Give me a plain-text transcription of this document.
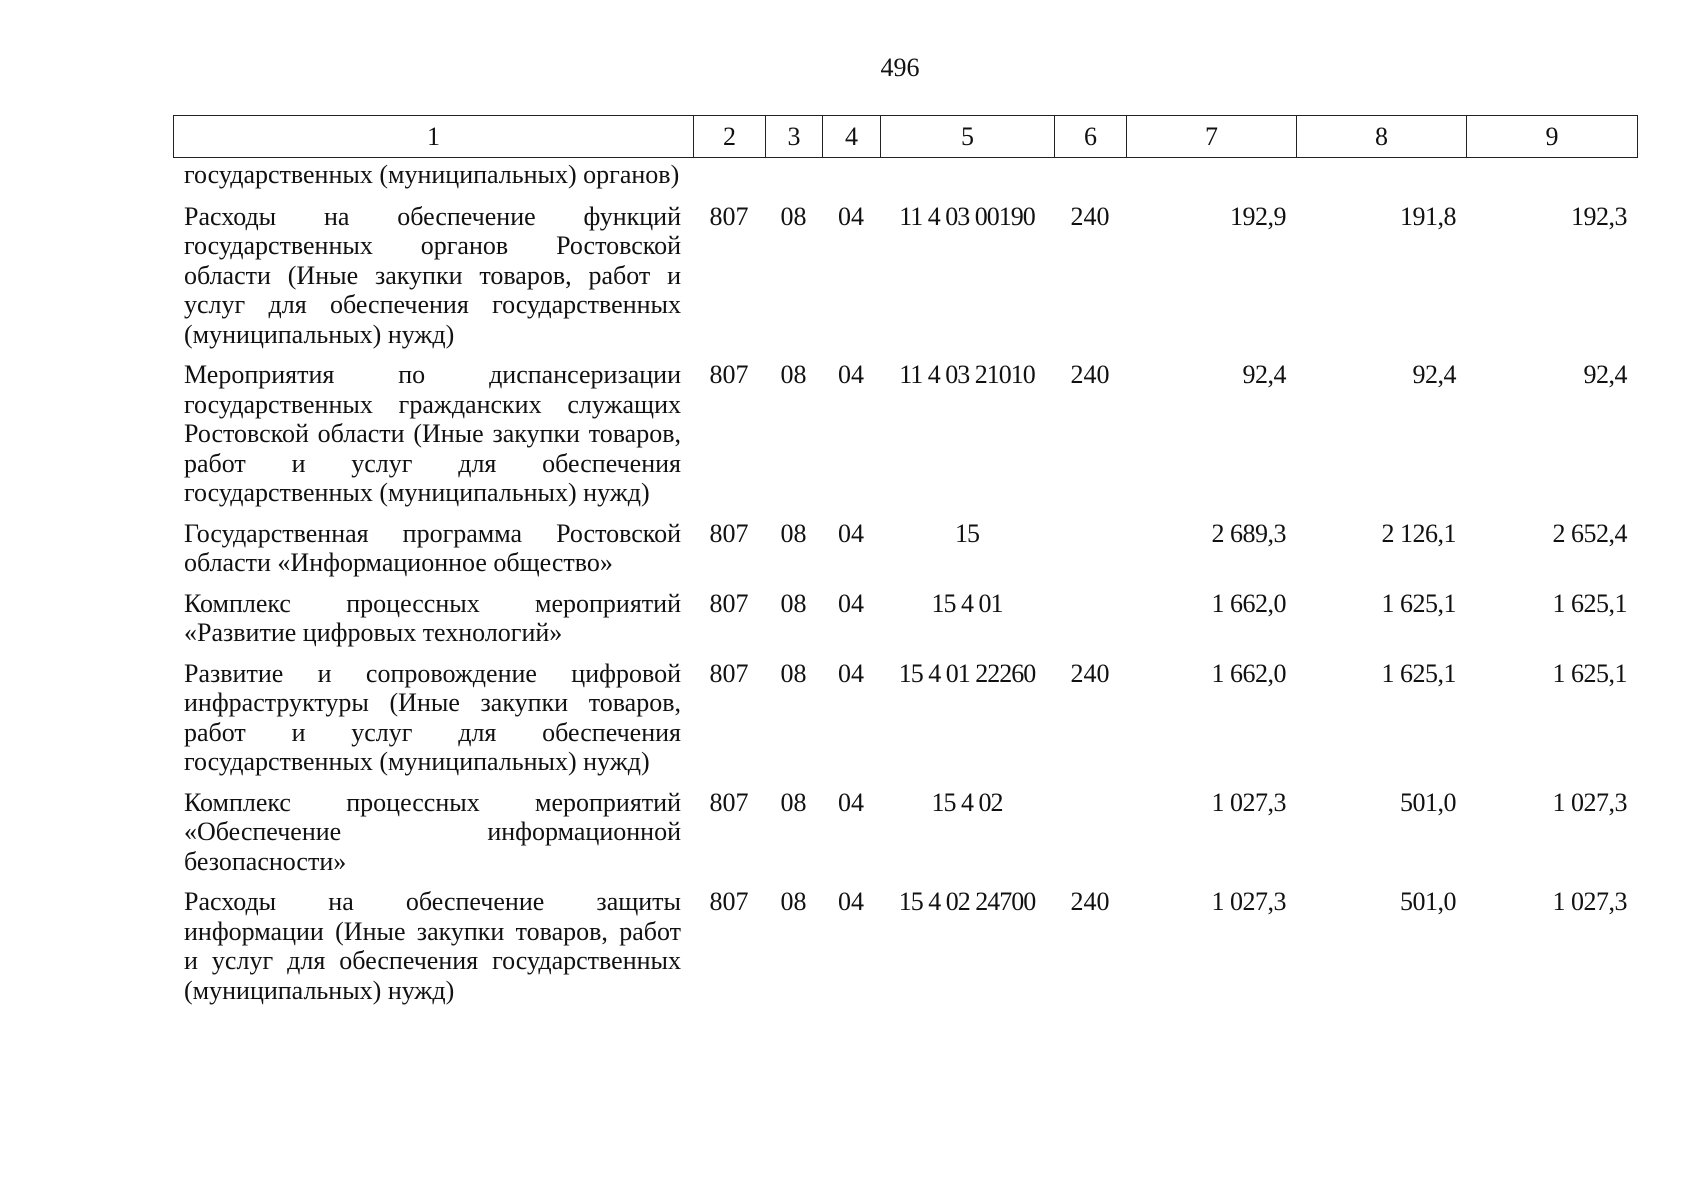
496
1	2	3	4	5	6	7	8	9
государственных (муниципальных) органов)								
Расходы на обеспечение функций государственных органов Ростовской области (Иные закупки товаров, работ и услуг для обеспечения государственных (муниципальных) нужд)	807	08	04	11 4 03 00190	240	192,9	191,8	192,3
Мероприятия по диспансеризации государственных гражданских служащих Ростовской области (Иные закупки товаров, работ и услуг для обеспечения государственных (муниципальных) нужд)	807	08	04	11 4 03 21010	240	92,4	92,4	92,4
Государственная программа Ростовской области «Информационное общество»	807	08	04	15		2 689,3	2 126,1	2 652,4
Комплекс процессных мероприятий «Развитие цифровых технологий»	807	08	04	15 4 01		1 662,0	1 625,1	1 625,1
Развитие и сопровождение цифровой инфраструктуры (Иные закупки товаров, работ и услуг для обеспечения государственных (муниципальных) нужд)	807	08	04	15 4 01 22260	240	1 662,0	1 625,1	1 625,1
Комплекс процессных мероприятий «Обеспечение информационной безопасности»	807	08	04	15 4 02		1 027,3	501,0	1 027,3
Расходы на обеспечение защиты информации (Иные закупки товаров, работ и услуг для обеспечения государственных (муниципальных) нужд)	807	08	04	15 4 02 24700	240	1 027,3	501,0	1 027,3
